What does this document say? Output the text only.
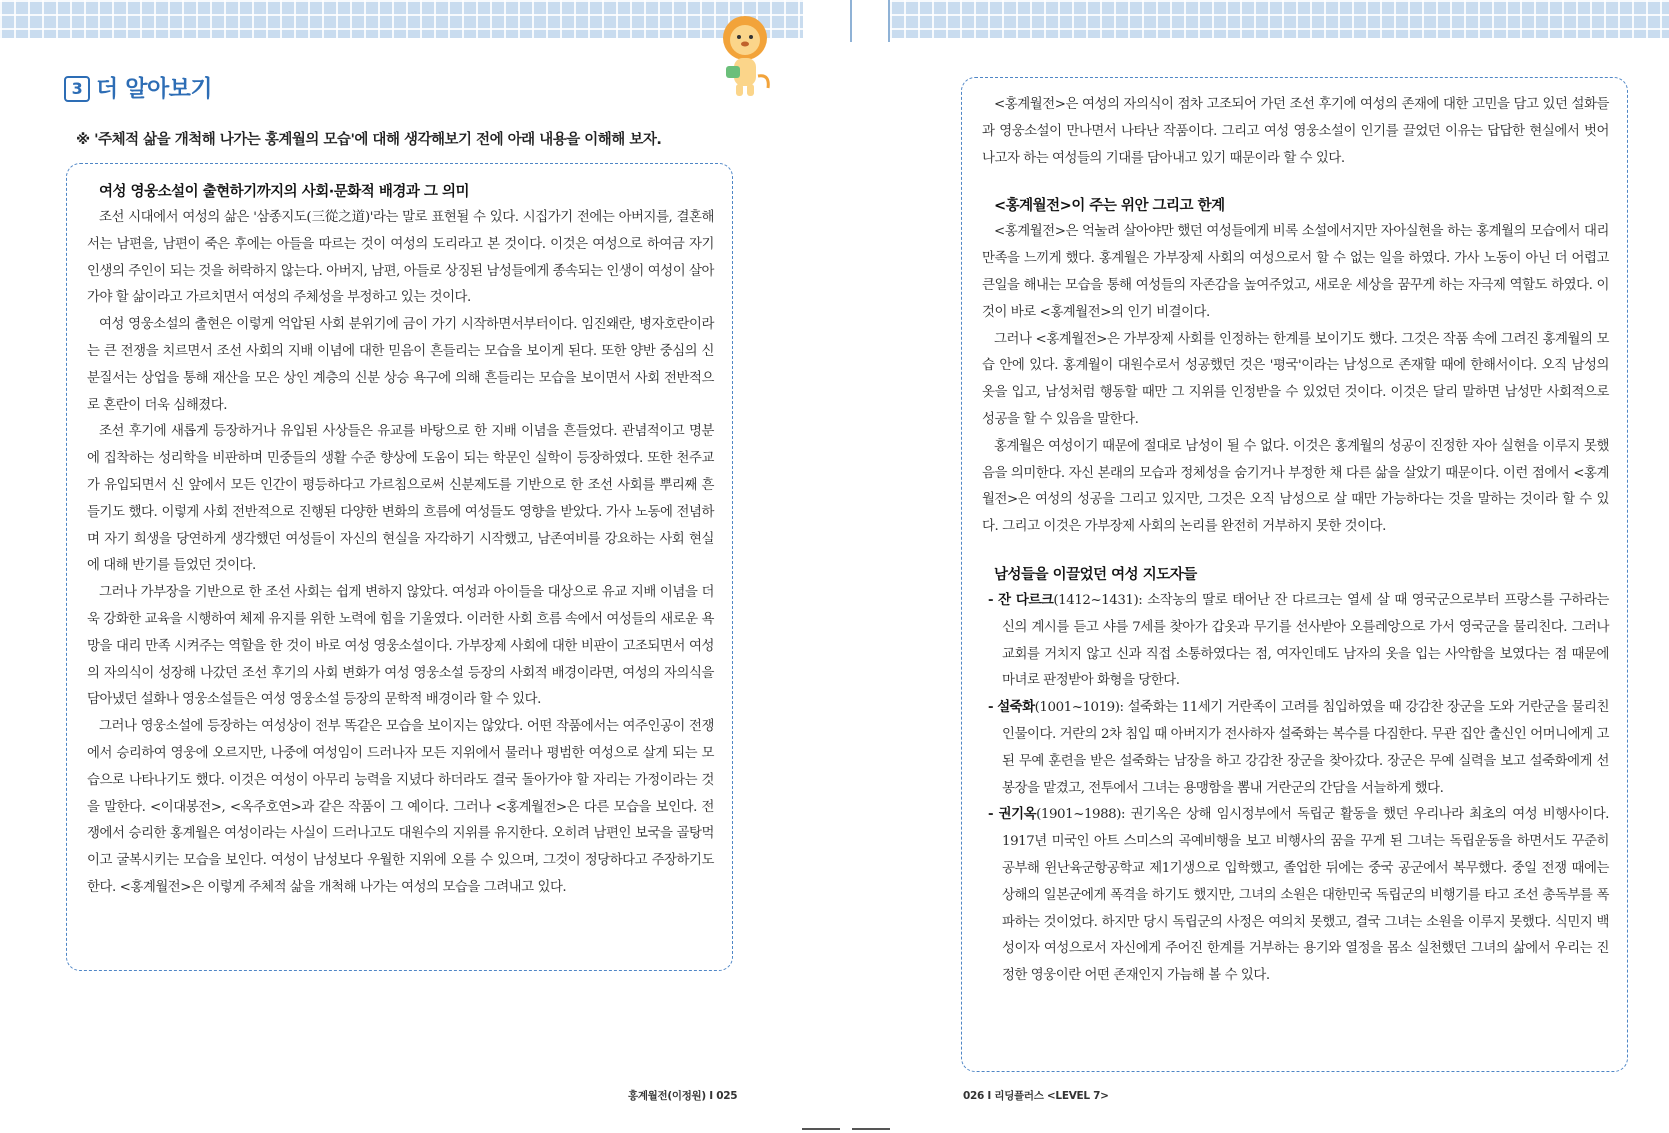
3 더 알아보기
※ '주체적 삶을 개척해 나가는 홍계월의 모습'에 대해 생각해보기 전에 아래 내용을 이해해 보자.
여성 영웅소설이 출현하기까지의 사회·문화적 배경과 그 의미

조선 시대에서 여성의 삶은 '삼종지도(三從之道)'라는 말로 표현될 수 있다. 시집가기 전에는 아버지를, 결혼해서는 남편을, 남편이 죽은 후에는 아들을 따르는 것이 여성의 도리라고 본 것이다. 이것은 여성으로 하여금 자기 인생의 주인이 되는 것을 허락하지 않는다. 아버지, 남편, 아들로 상징된 남성들에게 종속되는 인생이 여성이 살아가야 할 삶이라고 가르치면서 여성의 주체성을 부정하고 있는 것이다.

여성 영웅소설의 출현은 이렇게 억압된 사회 분위기에 금이 가기 시작하면서부터이다. 임진왜란, 병자호란이라는 큰 전쟁을 치르면서 조선 사회의 지배 이념에 대한 믿음이 흔들리는 모습을 보이게 된다. 또한 양반 중심의 신분질서는 상업을 통해 재산을 모은 상인 계층의 신분 상승 욕구에 의해 흔들리는 모습을 보이면서 사회 전반적으로 혼란이 더욱 심해졌다.

조선 후기에 새롭게 등장하거나 유입된 사상들은 유교를 바탕으로 한 지배 이념을 흔들었다. 관념적이고 명분에 집착하는 성리학을 비판하며 민중들의 생활 수준 향상에 도움이 되는 학문인 실학이 등장하였다. 또한 천주교가 유입되면서 신 앞에서 모든 인간이 평등하다고 가르침으로써 신분제도를 기반으로 한 조선 사회를 뿌리째 흔들기도 했다. 이렇게 사회 전반적으로 진행된 다양한 변화의 흐름에 여성들도 영향을 받았다. 가사 노동에 전념하며 자기 희생을 당연하게 생각했던 여성들이 자신의 현실을 자각하기 시작했고, 남존여비를 강요하는 사회 현실에 대해 반기를 들었던 것이다.

그러나 가부장을 기반으로 한 조선 사회는 쉽게 변하지 않았다. 여성과 아이들을 대상으로 유교 지배 이념을 더욱 강화한 교육을 시행하여 체제 유지를 위한 노력에 힘을 기울였다. 이러한 사회 흐름 속에서 여성들의 새로운 욕망을 대리 만족 시켜주는 역할을 한 것이 바로 여성 영웅소설이다. 가부장제 사회에 대한 비판이 고조되면서 여성의 자의식이 성장해 나갔던 조선 후기의 사회 변화가 여성 영웅소설 등장의 사회적 배경이라면, 여성의 자의식을 담아냈던 설화나 영웅소설들은 여성 영웅소설 등장의 문학적 배경이라 할 수 있다.

그러나 영웅소설에 등장하는 여성상이 전부 똑같은 모습을 보이지는 않았다. 어떤 작품에서는 여주인공이 전쟁에서 승리하여 영웅에 오르지만, 나중에 여성임이 드러나자 모든 지위에서 물러나 평범한 여성으로 살게 되는 모습으로 나타나기도 했다. 이것은 여성이 아무리 능력을 지녔다 하더라도 결국 돌아가야 할 자리는 가정이라는 것을 말한다. <이대봉전>, <옥주호연>과 같은 작품이 그 예이다. 그러나 <홍계월전>은 다른 모습을 보인다. 전쟁에서 승리한 홍계월은 여성이라는 사실이 드러나고도 대원수의 지위를 유지한다. 오히려 남편인 보국을 골탕먹이고 굴복시키는 모습을 보인다. 여성이 남성보다 우월한 지위에 오를 수 있으며, 그것이 정당하다고 주장하기도 한다. <홍계월전>은 이렇게 주체적 삶을 개척해 나가는 여성의 모습을 그려내고 있다.

<홍계월전>은 여성의 자의식이 점차 고조되어 가던 조선 후기에 여성의 존재에 대한 고민을 담고 있던 설화들과 영웅소설이 만나면서 나타난 작품이다. 그리고 여성 영웅소설이 인기를 끌었던 이유는 답답한 현실에서 벗어나고자 하는 여성들의 기대를 담아내고 있기 때문이라 할 수 있다.

<홍계월전>이 주는 위안 그리고 한계

<홍계월전>은 억눌려 살아야만 했던 여성들에게 비록 소설에서지만 자아실현을 하는 홍계월의 모습에서 대리 만족을 느끼게 했다. 홍계월은 가부장제 사회의 여성으로서 할 수 없는 일을 하였다. 가사 노동이 아닌 더 어렵고 큰일을 해내는 모습을 통해 여성들의 자존감을 높여주었고, 새로운 세상을 꿈꾸게 하는 자극제 역할도 하였다. 이것이 바로 <홍계월전>의 인기 비결이다.

그러나 <홍계월전>은 가부장제 사회를 인정하는 한계를 보이기도 했다. 그것은 작품 속에 그려진 홍계월의 모습 안에 있다. 홍계월이 대원수로서 성공했던 것은 '평국'이라는 남성으로 존재할 때에 한해서이다. 오직 남성의 옷을 입고, 남성처럼 행동할 때만 그 지위를 인정받을 수 있었던 것이다. 이것은 달리 말하면 남성만 사회적으로 성공을 할 수 있음을 말한다.

홍계월은 여성이기 때문에 절대로 남성이 될 수 없다. 이것은 홍계월의 성공이 진정한 자아 실현을 이루지 못했음을 의미한다. 자신 본래의 모습과 정체성을 숨기거나 부정한 채 다른 삶을 살았기 때문이다. 이런 점에서 <홍계월전>은 여성의 성공을 그리고 있지만, 그것은 오직 남성으로 살 때만 가능하다는 것을 말하는 것이라 할 수 있다. 그리고 이것은 가부장제 사회의 논리를 완전히 거부하지 못한 것이다.

남성들을 이끌었던 여성 지도자들

- 잔 다르크(1412~1431): 소작농의 딸로 태어난 잔 다르크는 열세 살 때 영국군으로부터 프랑스를 구하라는 신의 계시를 듣고 샤를 7세를 찾아가 갑옷과 무기를 선사받아 오를레앙으로 가서 영국군을 물리친다. 그러나 교회를 거치지 않고 신과 직접 소통하였다는 점, 여자인데도 남자의 옷을 입는 사악함을 보였다는 점 때문에 마녀로 판정받아 화형을 당한다.

- 설죽화(1001~1019): 설죽화는 11세기 거란족이 고려를 침입하였을 때 강감찬 장군을 도와 거란군을 물리친 인물이다. 거란의 2차 침입 때 아버지가 전사하자 설죽화는 복수를 다짐한다. 무관 집안 출신인 어머니에게 고된 무예 훈련을 받은 설죽화는 남장을 하고 강감찬 장군을 찾아갔다. 장군은 무예 실력을 보고 설죽화에게 선봉장을 맡겼고, 전투에서 그녀는 용맹함을 뽐내 거란군의 간담을 서늘하게 했다.

- 권기옥(1901~1988): 권기옥은 상해 임시정부에서 독립군 활동을 했던 우리나라 최초의 여성 비행사이다. 1917년 미국인 아트 스미스의 곡예비행을 보고 비행사의 꿈을 꾸게 된 그녀는 독립운동을 하면서도 꾸준히 공부해 윈난육군항공학교 제1기생으로 입학했고, 졸업한 뒤에는 중국 공군에서 복무했다. 중일 전쟁 때에는 상해의 일본군에게 폭격을 하기도 했지만, 그녀의 소원은 대한민국 독립군의 비행기를 타고 조선 총독부를 폭파하는 것이었다. 하지만 당시 독립군의 사정은 여의치 못했고, 결국 그녀는 소원을 이루지 못했다. 식민지 백성이자 여성으로서 자신에게 주어진 한계를 거부하는 용기와 열정을 몸소 실천했던 그녀의 삶에서 우리는 진정한 영웅이란 어떤 존재인지 가늠해 볼 수 있다.

홍계월전(이정원) I 025	026 I 리딩플러스 <LEVEL 7>
